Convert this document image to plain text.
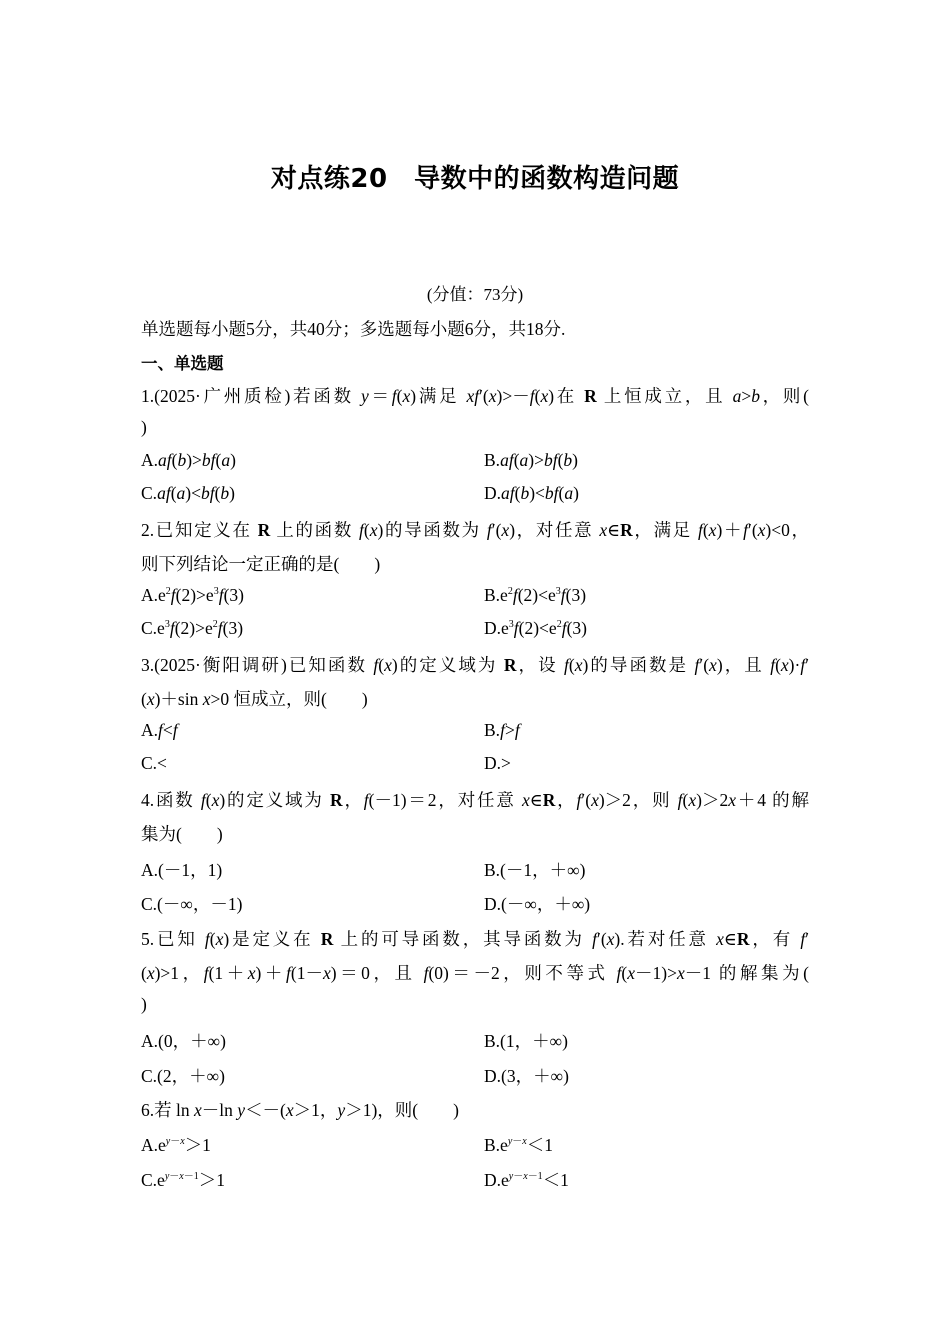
对点练20　导数中的函数构造问题
(分值：73分)
单选题每小题5分，共40分；多选题每小题6分，共18分.
一、单选题
1.(2025·广州质检)若函数 y＝f(x)满足 xf′(x)>－f(x)在 R 上恒成立，且 a>b，则(
)
A.af(b)>bf(a)	B.af(a)>bf(b)
C.af(a)<bf(b)	D.af(b)<bf(a)
2.已知定义在 R 上的函数 f(x)的导函数为 f′(x)，对任意 x∈R，满足 f(x)＋f′(x)<0，
则下列结论一定正确的是(　　)
$A.e^2f(2)>e^3f(3)$	$B.e^2f(2)<e^3f(3)$
$C.e^3f(2)>e^2f(3)$	$D.e^3f(2)<e^2f(3)$
3.(2025·衡阳调研)已知函数 f(x)的定义域为 R，设 f(x)的导函数是 f′(x)，且 f(x)·f′
(x)＋sin x>0 恒成立，则(　　)
A.f<f	B.f>f
C.<	D.>
4.函数 f(x)的定义域为 R，f(－1)＝2，对任意 x∈R，f′(x)＞2，则 f(x)＞2x＋4 的解
集为(　　)
A.(－1，1)	B.(－1，＋∞)
C.(－∞，－1)	D.(－∞，＋∞)
5.已知 f(x)是定义在 R 上的可导函数，其导函数为 f′(x).若对任意 x∈R，有 f′
(x)>1，f(1＋x)＋f(1－x)＝0，且 f(0)＝－2，则不等式 f(x－1)>x－1 的解集为(
)
A.(0，＋∞)	B.(1，＋∞)
C.(2，＋∞)	D.(3，＋∞)
6.若 ln x－ln y＜－(x＞1，y＞1)，则(　　)
$A.e^{y-x}>1$	$B.e^{y-x}<1$
$C.e^{y-x-1}>1$	$D.e^{y-x-1}<1$
